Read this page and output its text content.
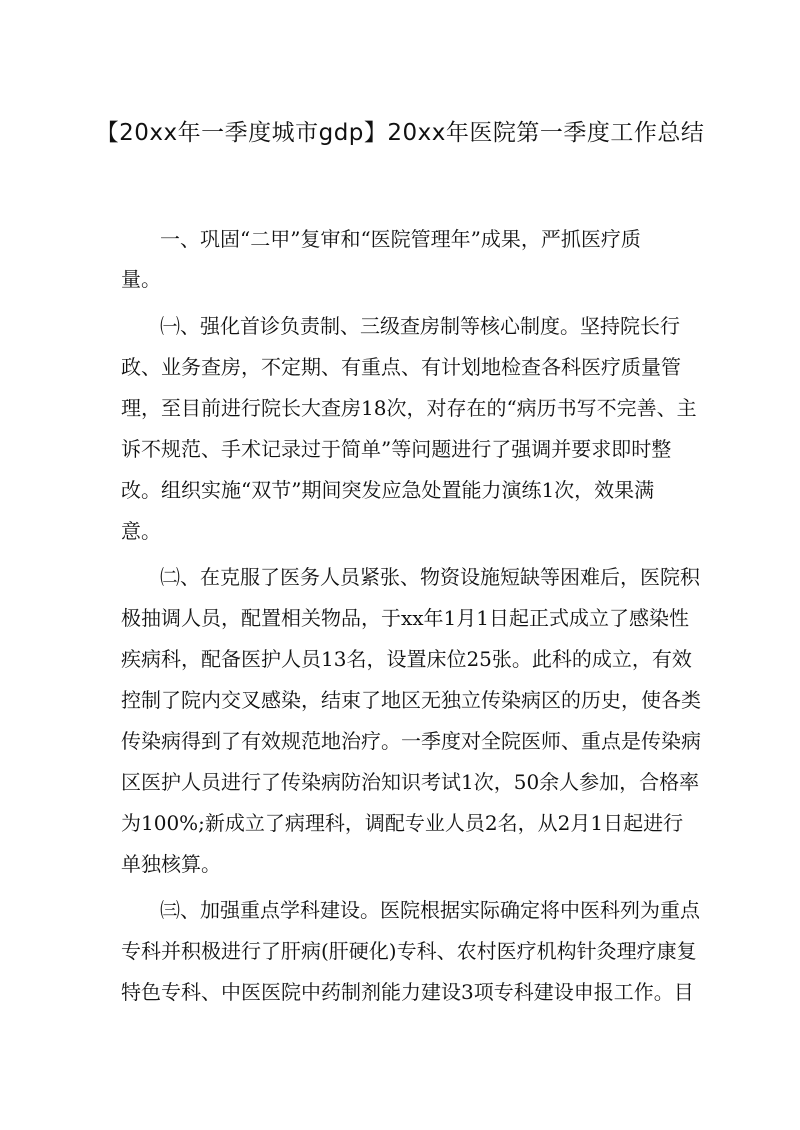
【20xx年一季度城市gdp】20xx年医院第一季度工作总结
一、巩固“二甲”复审和“医院管理年”成果，严抓医疗质
量。
㈠、强化首诊负责制、三级查房制等核心制度。坚持院长行
政、业务查房，不定期、有重点、有计划地检查各科医疗质量管
理，至目前进行院长大查房18次，对存在的“病历书写不完善、主
诉不规范、手术记录过于简单”等问题进行了强调并要求即时整
改。组织实施“双节”期间突发应急处置能力演练1次，效果满
意。
㈡、在克服了医务人员紧张、物资设施短缺等困难后，医院积
极抽调人员，配置相关物品，于xx年1月1日起正式成立了感染性
疾病科，配备医护人员13名，设置床位25张。此科的成立，有效
控制了院内交叉感染，结束了地区无独立传染病区的历史，使各类
传染病得到了有效规范地治疗。一季度对全院医师、重点是传染病
区医护人员进行了传染病防治知识考试1次，50余人参加，合格率
为100%;新成立了病理科，调配专业人员2名，从2月1日起进行
单独核算。
㈢、加强重点学科建设。医院根据实际确定将中医科列为重点
专科并积极进行了肝病(肝硬化)专科、农村医疗机构针灸理疗康复
特色专科、中医医院中药制剂能力建设3项专科建设申报工作。目
